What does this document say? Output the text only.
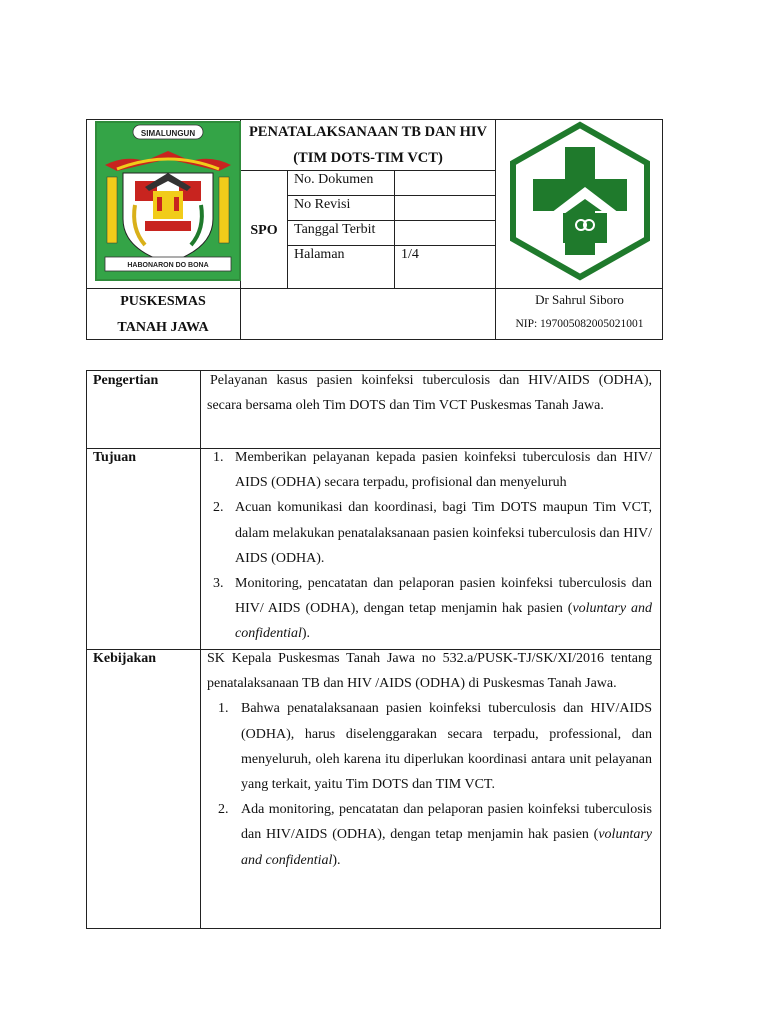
SIMALUNGUN
HABONARON DO BONA
PENATALAKSANAAN TB DAN HIV (TIM DOTS-TIM VCT)
SPO
No. Dokumen
No Revisi
Tanggal Terbit
Halaman	1/4
PUSKESMAS
TANAH JAWA
Dr Sahrul Siboro
NIP: 197005082005021001
Pengertian	Pelayanan kasus pasien koinfeksi tuberculosis dan HIV/AIDS (ODHA), secara bersama oleh Tim DOTS dan Tim VCT Puskesmas Tanah Jawa.

Tujuan	1. Memberikan pelayanan kepada pasien koinfeksi tuberculosis dan HIV/ AIDS (ODHA) secara terpadu, profisional dan menyeluruh
2. Acuan komunikasi dan koordinasi, bagi Tim DOTS maupun Tim VCT, dalam melakukan penatalaksanaan pasien koinfeksi tuberculosis dan HIV/ AIDS (ODHA).
3. Monitoring, pencatatan dan pelaporan pasien koinfeksi tuberculosis dan HIV/ AIDS (ODHA), dengan tetap menjamin hak pasien (voluntary and confidential).
Kebijakan	SK Kepala Puskesmas Tanah Jawa no 532.a/PUSK-TJ/SK/XI/2016 tentang penatalaksanaan TB dan HIV /AIDS (ODHA) di Puskesmas Tanah Jawa.

1. Bahwa penatalaksanaan pasien koinfeksi tuberculosis dan HIV/AIDS (ODHA), harus diselenggarakan secara terpadu, professional, dan menyeluruh, oleh karena itu diperlukan koordinasi antara unit pelayanan yang terkait, yaitu Tim DOTS dan TIM VCT.
2. Ada monitoring, pencatatan dan pelaporan pasien koinfeksi tuberculosis dan HIV/AIDS (ODHA), dengan tetap menjamin hak pasien (voluntary and confidential).
